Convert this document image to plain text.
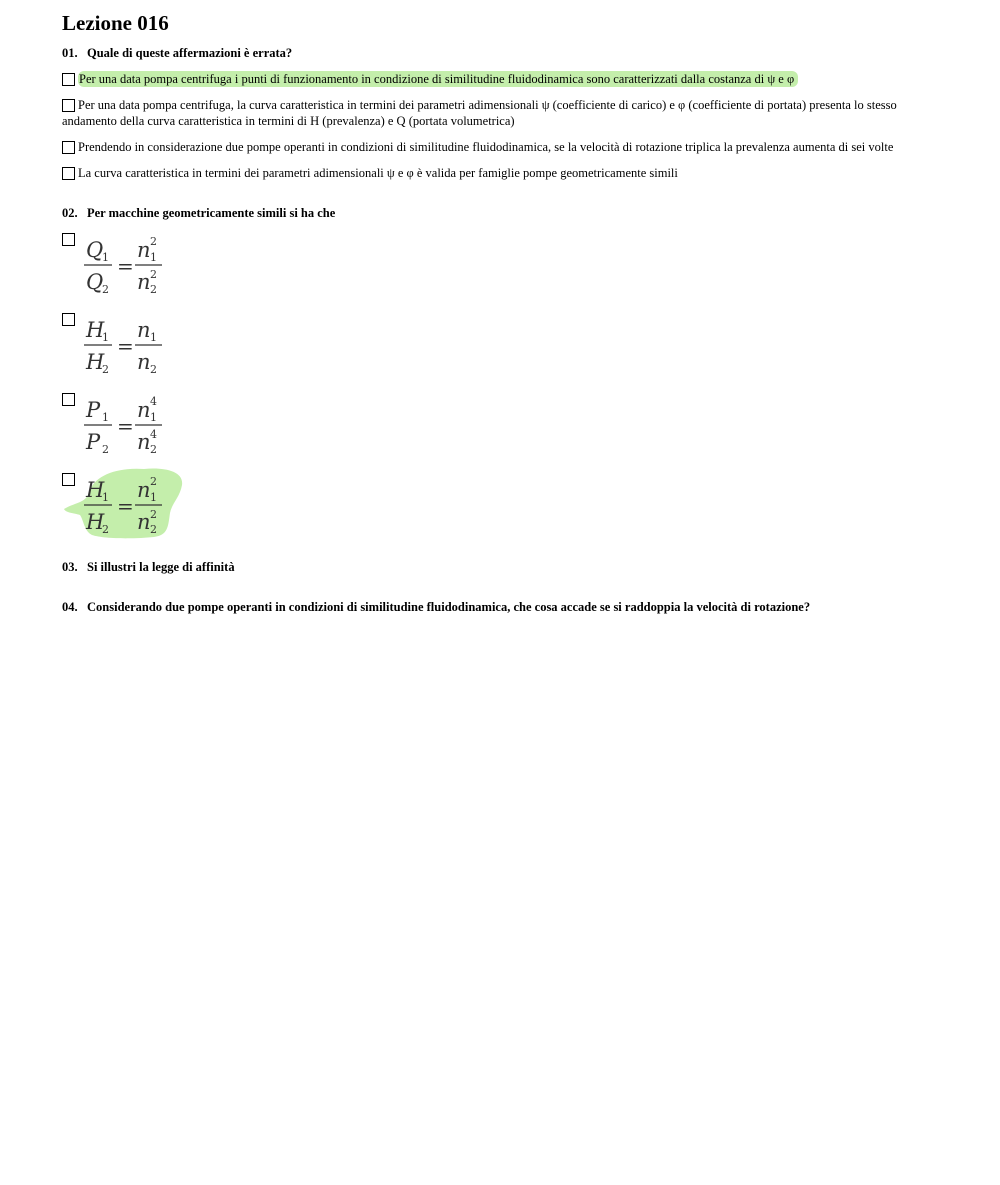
Lezione 016
01. Quale di queste affermazioni è errata?
Per una data pompa centrifuga i punti di funzionamento in condizione di similitudine fluidodinamica sono caratterizzati dalla costanza di ψ e φ
Per una data pompa centrifuga, la curva caratteristica in termini dei parametri adimensionali ψ (coefficiente di carico) e φ (coefficiente di portata) presenta lo stesso andamento della curva caratteristica in termini di H (prevalenza) e Q (portata volumetrica)
Prendendo in considerazione due pompe operanti in condizioni di similitudine fluidodinamica, se la velocità di rotazione triplica la prevalenza aumenta di sei volte
La curva caratteristica in termini dei parametri adimensionali ψ e φ è valida per famiglie pompe geometricamente simili
02. Per macchine geometricamente simili si ha che
Q
1
Q
2
=
n 1
2
n 2
2
H
1
H
2
=
n 1
n 2
P 1
P 2
=
n 1
4
n 2
4
H
1
H
2
=
n 1
2
n 2
2
03. Si illustri la legge di affinità
04. Considerando due pompe operanti in condizioni di similitudine fluidodinamica, che cosa accade se si raddoppia la velocità di rotazione?
